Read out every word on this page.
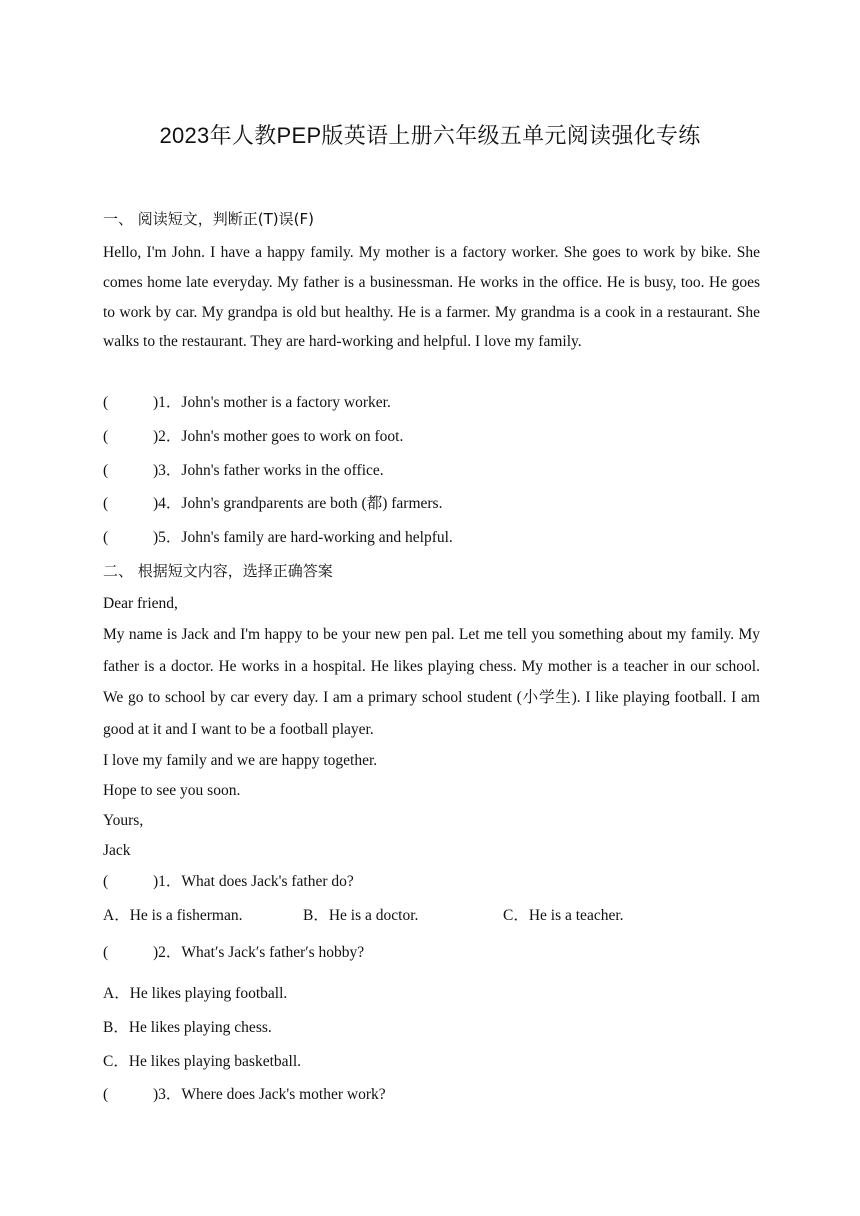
2023年人教PEP版英语上册六年级五单元阅读强化专练
一、 阅读短文，判断正(T)误(F)
Hello, I'm John. I have a happy family. My mother is a factory worker. She goes to work by bike. She comes home late everyday. My father is a businessman. He works in the office. He is busy, too. He goes to work by car. My grandpa is old but healthy. He is a farmer. My grandma is a cook in a restaurant. She walks to the restaurant. They are hard-working and helpful. I love my family.
(	)1．John's mother is a factory worker.
(	)2．John's mother goes to work on foot.
(	)3．John's father works in the office.
(	)4．John's grandparents are both (都) farmers.
(	)5．John's family are hard-working and helpful.
二、 根据短文内容，选择正确答案
Dear friend,
My name is Jack and I'm happy to be your new pen pal. Let me tell you something about my family. My father is a doctor. He works in a hospital. He likes playing chess. My mother is a teacher in our school. We go to school by car every day. I am a primary school student (小学生). I like playing football. I am good at it and I want to be a football player.
I love my family and we are happy together.
Hope to see you soon.
Yours,
Jack
(	)1．What does Jack's father do?
A．He is a fisherman.	B．He is a doctor.	C．He is a teacher.
(	)2．What′s Jack′s father′s hobby?
A．He likes playing football.
B．He likes playing chess.
C．He likes playing basketball.
(	)3．Where does Jack's mother work?
